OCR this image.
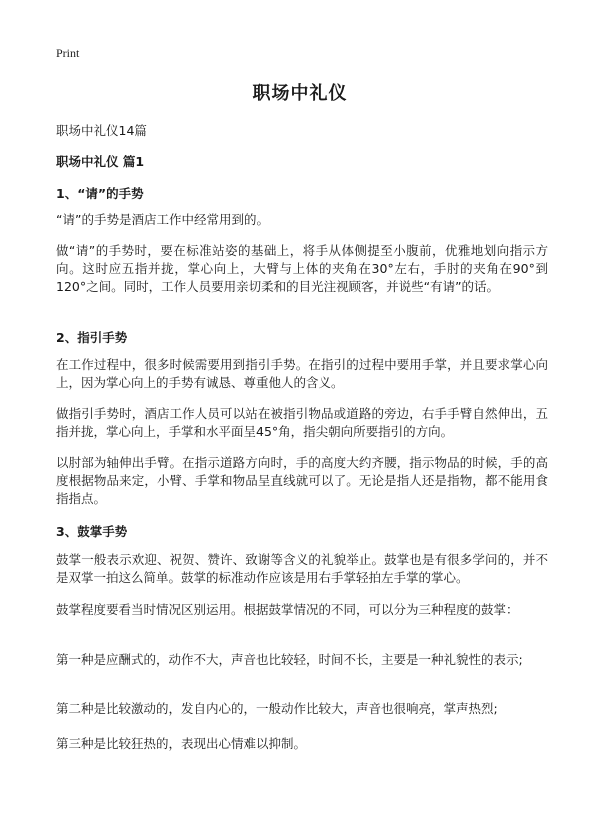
Print
职场中礼仪
职场中礼仪14篇
职场中礼仪 篇1
1、“请”的手势
“请”的手势是酒店工作中经常用到的。
做“请”的手势时，要在标准站姿的基础上，将手从体侧提至小腹前，优雅地划向指示方向。这时应五指并拢，掌心向上，大臂与上体的夹角在30°左右，手肘的夹角在90°到120°之间。同时，工作人员要用亲切柔和的目光注视顾客，并说些“有请”的话。
2、指引手势
在工作过程中，很多时候需要用到指引手势。在指引的过程中要用手掌，并且要求掌心向上，因为掌心向上的手势有诚恳、尊重他人的含义。
做指引手势时，酒店工作人员可以站在被指引物品或道路的旁边，右手手臂自然伸出，五指并拢，掌心向上，手掌和水平面呈45°角，指尖朝向所要指引的方向。
以肘部为轴伸出手臂。在指示道路方向时，手的高度大约齐腰，指示物品的时候，手的高度根据物品来定，小臂、手掌和物品呈直线就可以了。无论是指人还是指物，都不能用食指指点。
3、鼓掌手势
鼓掌一般表示欢迎、祝贺、赞许、致谢等含义的礼貌举止。鼓掌也是有很多学问的，并不是双掌一拍这么简单。鼓掌的标准动作应该是用右手掌轻拍左手掌的掌心。
鼓掌程度要看当时情况区别运用。根据鼓掌情况的不同，可以分为三种程度的鼓掌：
第一种是应酬式的，动作不大，声音也比较轻，时间不长，主要是一种礼貌性的表示;
第二种是比较激动的，发自内心的，一般动作比较大，声音也很响亮，掌声热烈;
第三种是比较狂热的，表现出心情难以抑制。
